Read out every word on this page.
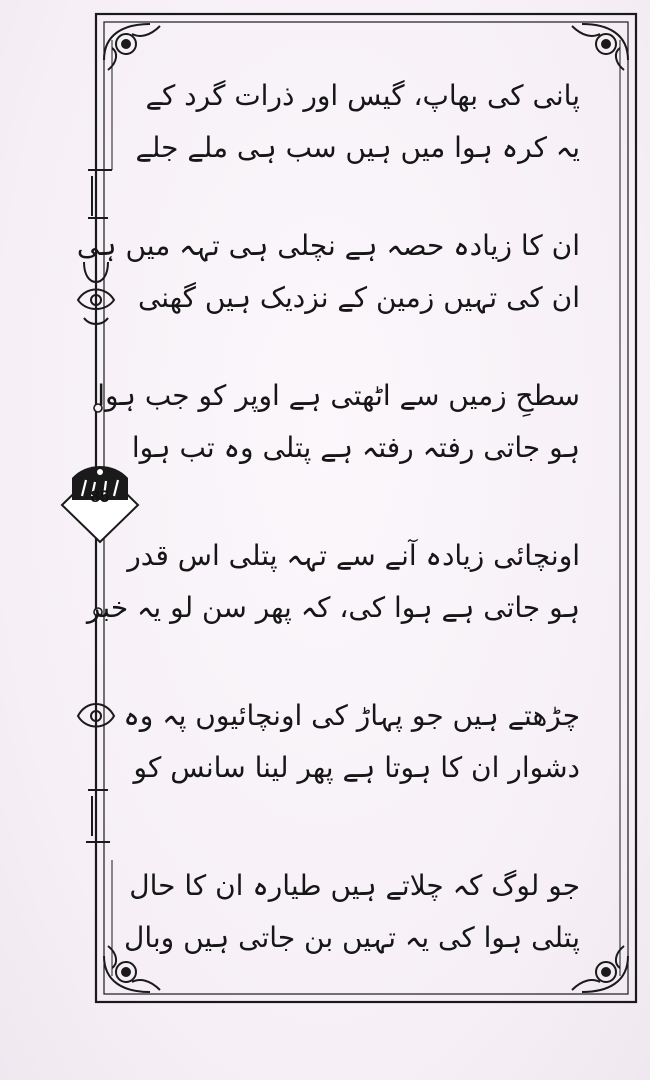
85
پانی کی بھاپ، گیس اور ذرات گرد کے
یہ کرہ ہوا میں ہیں سب ہی ملے جلے
ان کا زیادہ حصہ ہے نچلی ہی تہہ میں ہی
ان کی تہیں زمین کے نزدیک ہیں گھنی
سطحِ زمیں سے اٹھتی ہے اوپر کو جب ہوا
ہو جاتی رفتہ رفتہ ہے پتلی وہ تب ہوا
اونچائی زیادہ آنے سے تہہ پتلی اس قدر
ہو جاتی ہے ہوا کی، کہ پھر سن لو یہ خبر
چڑھتے ہیں جو پہاڑ کی اونچائیوں پہ وہ
دشوار ان کا ہوتا ہے پھر لینا سانس کو
جو لوگ کہ چلاتے ہیں طیارہ ان کا حال
پتلی ہوا کی یہ تہیں بن جاتی ہیں وبال
